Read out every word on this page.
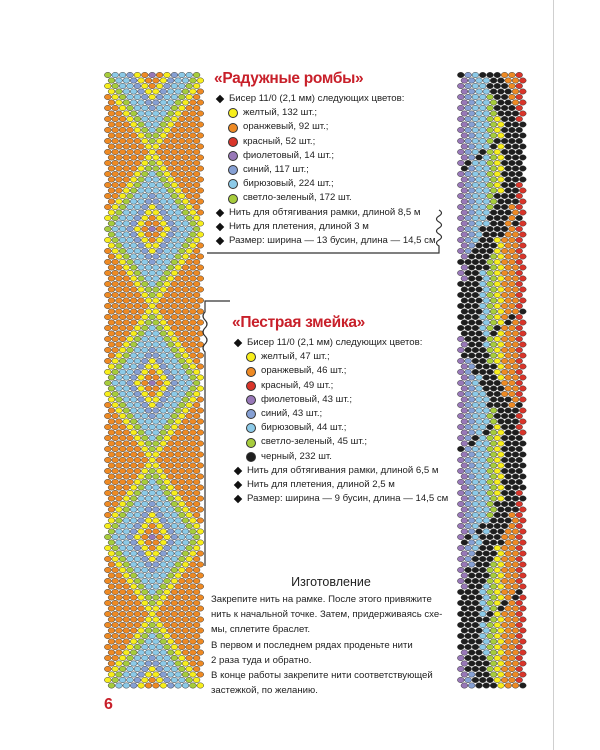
«Радужные ромбы»
Бисер 11/0 (2,1 мм) следующих цветов:
желтый, 132 шт.;
оранжевый, 92 шт.;
красный, 52 шт.;
фиолетовый, 14 шт.;
синий, 117 шт.;
бирюзовый, 224 шт.;
светло-зеленый, 172 шт.
Нить для обтягивания рамки, длиной 8,5 м
Нить для плетения, длиной 3 м
Размер: ширина — 13 бусин, длина — 14,5 см
«Пестрая змейка»
Бисер 11/0 (2,1 мм) следующих цветов:
желтый, 47 шт.;
оранжевый, 46 шт.;
красный, 49 шт.;
фиолетовый, 43 шт.;
синий, 43 шт.;
бирюзовый, 44 шт.;
светло-зеленый, 45 шт.;
черный, 232 шт.
Нить для обтягивания рамки, длиной 6,5 м
Нить для плетения, длиной 2,5 м
Размер: ширина — 9 бусин, длина — 14,5 см
Изготовление
Закрепите нить на рамке. После этого привяжите
нить к начальной точке. Затем, придерживаясь схе-
мы, сплетите браслет.
В первом и последнем рядах проденьте нити
2 раза туда и обратно.
В конце работы закрепите нити соответствующей
застежкой, по желанию.
6
